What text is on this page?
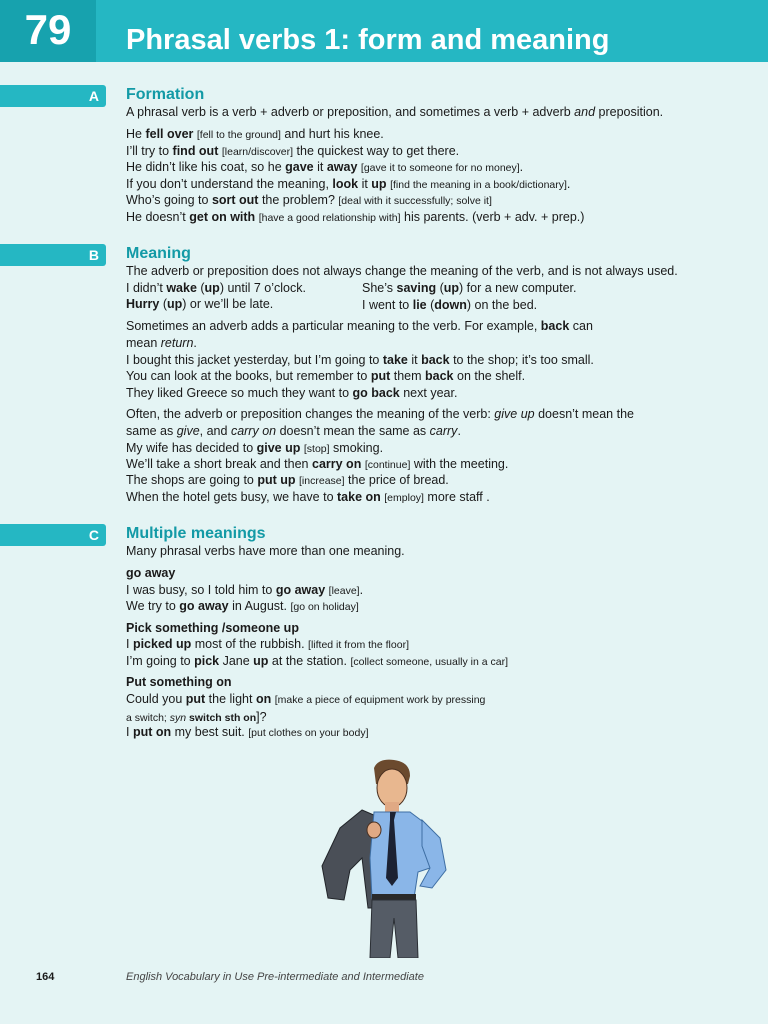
79	Phrasal verbs 1: form and meaning
A Formation
A phrasal verb is a verb + adverb or preposition, and sometimes a verb + adverb and preposition.
He fell over [fell to the ground] and hurt his knee.
I’ll try to find out [learn/discover] the quickest way to get there.
He didn’t like his coat, so he gave it away [gave it to someone for no money].
If you don’t understand the meaning, look it up [find the meaning in a book/dictionary].
Who’s going to sort out the problem? [deal with it successfully; solve it]
He doesn’t get on with [have a good relationship with] his parents. (verb + adv. + prep.)
B Meaning
The adverb or preposition does not always change the meaning of the verb, and is not always used.
I didn’t wake (up) until 7 o’clock.	She’s saving (up) for a new computer.
Hurry (up) or we’ll be late.	I went to lie (down) on the bed.
Sometimes an adverb adds a particular meaning to the verb. For example, back can
mean return.
I bought this jacket yesterday, but I’m going to take it back to the shop; it’s too small.
You can look at the books, but remember to put them back on the shelf.
They liked Greece so much they want to go back next year.
Often, the adverb or preposition changes the meaning of the verb: give up doesn’t mean the
same as give, and carry on doesn’t mean the same as carry.
My wife has decided to give up [stop] smoking.
We’ll take a short break and then carry on [continue] with the meeting.
The shops are going to put up [increase] the price of bread.
When the hotel gets busy, we have to take on [employ] more staff .
C Multiple meanings
Many phrasal verbs have more than one meaning.
go away
I was busy, so I told him to go away [leave].
We try to go away in August. [go on holiday]
Pick something /someone up
I picked up most of the rubbish. [lifted it from the floor]
I’m going to pick Jane up at the station. [collect someone, usually in a car]
Put something on
Could you put the light on [make a piece of equipment work by pressing
a switch; syn switch sth on]?
I put on my best suit. [put clothes on your body]
164	English Vocabulary in Use Pre-intermediate and Intermediate
